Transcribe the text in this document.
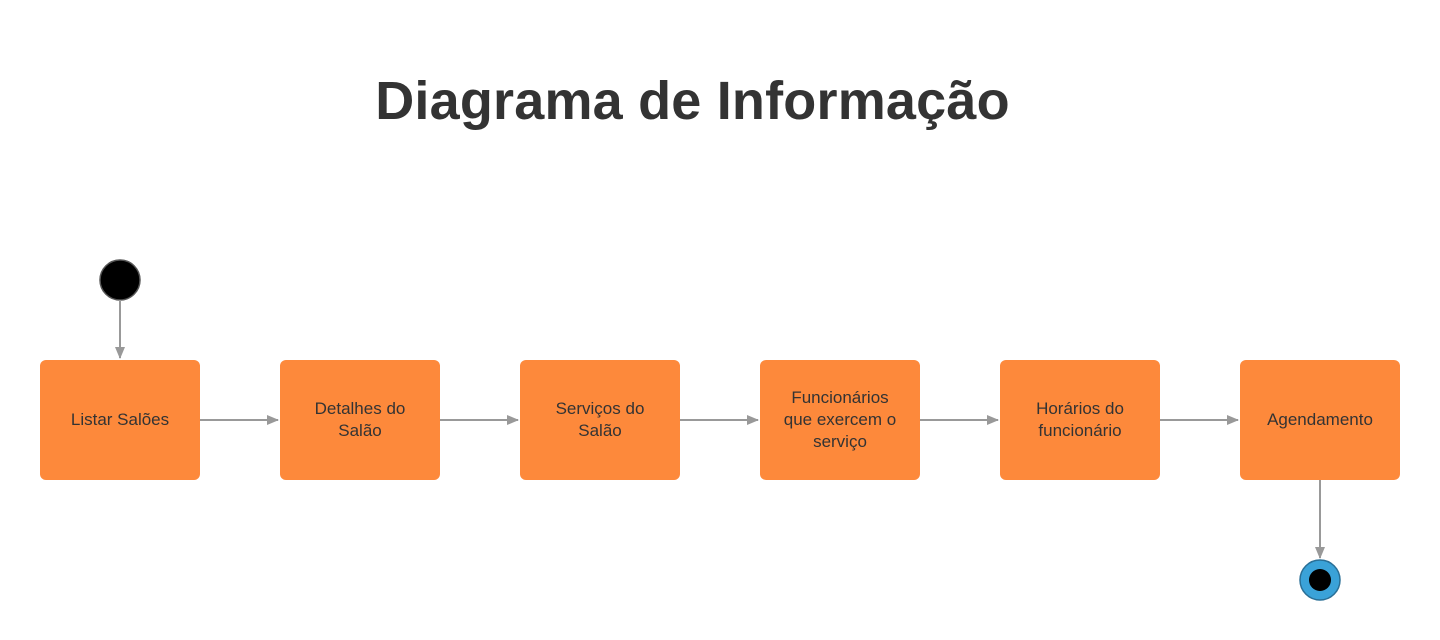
Diagrama de Informação
Listar Salões
Detalhes do
Salão
Serviços do
Salão
Funcionários
que exercem o
serviço
Horários do
funcionário
Agendamento
